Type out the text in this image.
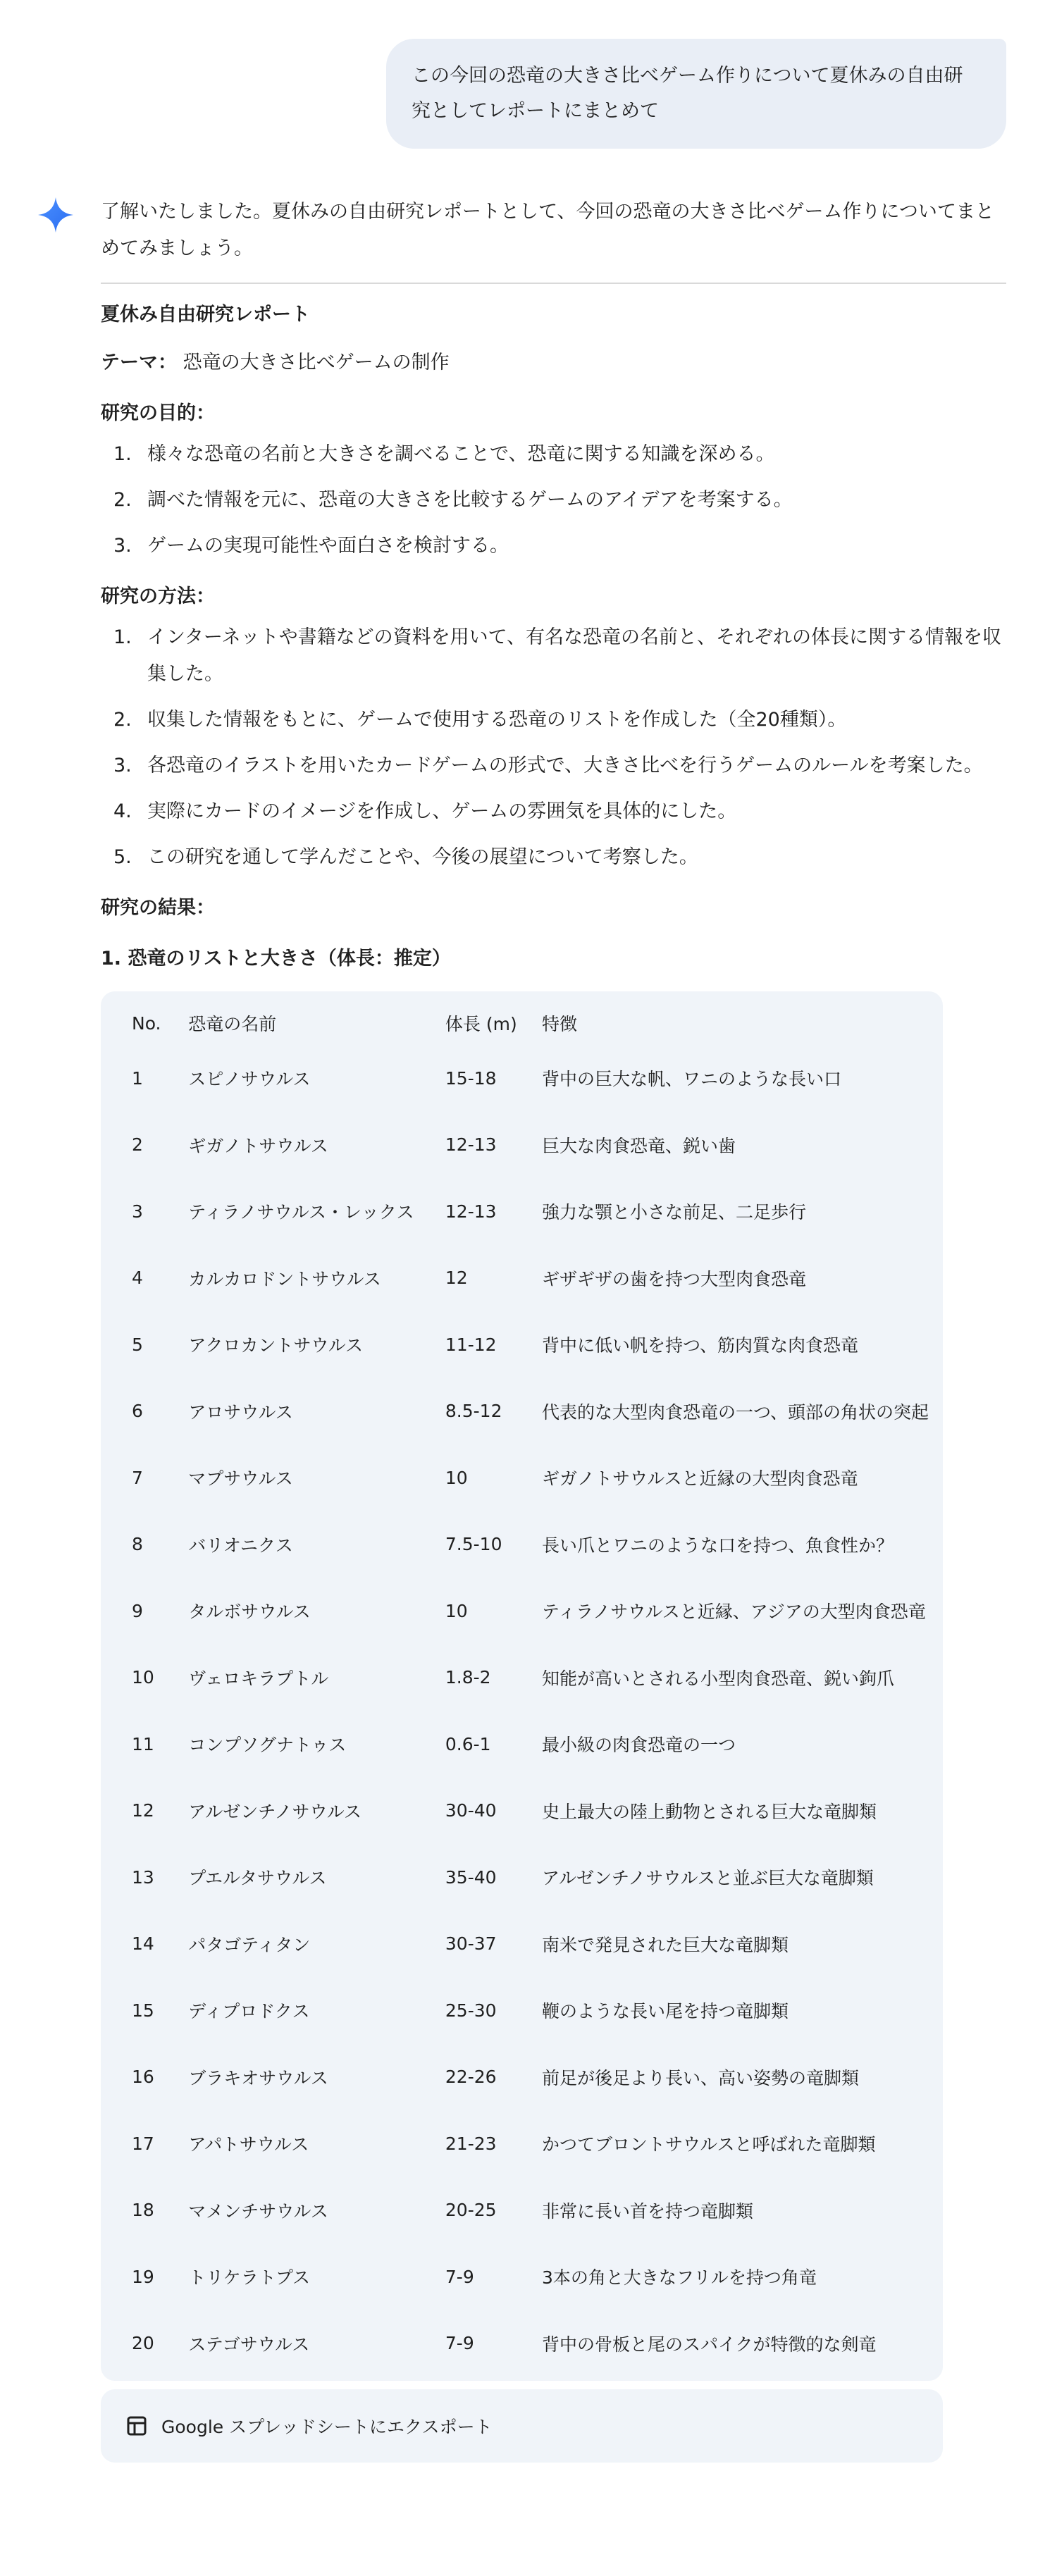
この今回の恐竜の大きさ比べゲーム作りについて夏休みの自由研究としてレポートにまとめて

了解いたしました。夏休みの自由研究レポートとして、今回の恐竜の大きさ比べゲーム作りについてまとめてみましょう。

夏休み自由研究レポート

テーマ： 恐竜の大きさ比べゲームの制作

研究の目的：

1. 様々な恐竜の名前と大きさを調べることで、恐竜に関する知識を深める。
2. 調べた情報を元に、恐竜の大きさを比較するゲームのアイデアを考案する。
3. ゲームの実現可能性や面白さを検討する。

研究の方法：

1. インターネットや書籍などの資料を用いて、有名な恐竜の名前と、それぞれの体長に関する情報を収集した。
2. 収集した情報をもとに、ゲームで使用する恐竜のリストを作成した（全20種類）。
3. 各恐竜のイラストを用いたカードゲームの形式で、大きさ比べを行うゲームのルールを考案した。
4. 実際にカードのイメージを作成し、ゲームの雰囲気を具体的にした。
5. この研究を通して学んだことや、今後の展望について考察した。

研究の結果：

1. 恐竜のリストと大きさ（体長：推定）

No.	恐竜の名前	体長 (m)	特徴
1	スピノサウルス	15-18	背中の巨大な帆、ワニのような長い口
2	ギガノトサウルス	12-13	巨大な肉食恐竜、鋭い歯
3	ティラノサウルス・レックス	12-13	強力な顎と小さな前足、二足歩行
4	カルカロドントサウルス	12	ギザギザの歯を持つ大型肉食恐竜
5	アクロカントサウルス	11-12	背中に低い帆を持つ、筋肉質な肉食恐竜
6	アロサウルス	8.5-12	代表的な大型肉食恐竜の一つ、頭部の角状の突起
7	マプサウルス	10	ギガノトサウルスと近縁の大型肉食恐竜
8	バリオニクス	7.5-10	長い爪とワニのような口を持つ、魚食性か？
9	タルボサウルス	10	ティラノサウルスと近縁、アジアの大型肉食恐竜
10	ヴェロキラプトル	1.8-2	知能が高いとされる小型肉食恐竜、鋭い鉤爪
11	コンプソグナトゥス	0.6-1	最小級の肉食恐竜の一つ
12	アルゼンチノサウルス	30-40	史上最大の陸上動物とされる巨大な竜脚類
13	プエルタサウルス	35-40	アルゼンチノサウルスと並ぶ巨大な竜脚類
14	パタゴティタン	30-37	南米で発見された巨大な竜脚類
15	ディプロドクス	25-30	鞭のような長い尾を持つ竜脚類
16	ブラキオサウルス	22-26	前足が後足より長い、高い姿勢の竜脚類
17	アパトサウルス	21-23	かつてブロントサウルスと呼ばれた竜脚類
18	マメンチサウルス	20-25	非常に長い首を持つ竜脚類
19	トリケラトプス	7-9	3本の角と大きなフリルを持つ角竜
20	ステゴサウルス	7-9	背中の骨板と尾のスパイクが特徴的な剣竜
Google スプレッドシートにエクスポート
